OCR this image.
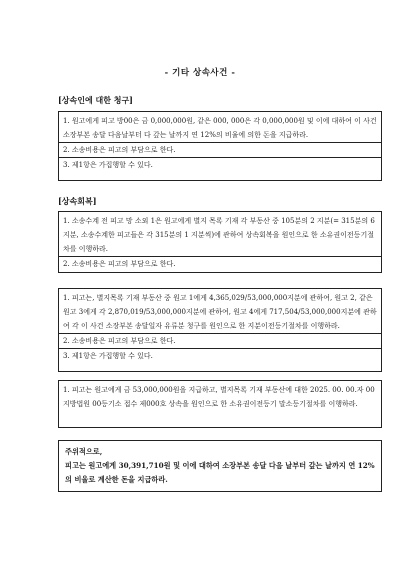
- 기타 상속사건 -
[상속인에 대한 청구]
1. 원고에게 피고 방00은 금 0,000,000원, 같은 000, 000은 각 0,000,000원 및 이에 대하여 이 사건 소장부본 송달 다음날부터 다 갚는 날까지 연 12%의 비율에 의한 돈을 지급하라.
2. 소송비용은 피고의 부담으로 한다.
3. 제1항은 가집행할 수 있다.
[상속회복]
1. 소송수계 전 피고 망 소외 1은 원고에게 별지 목록 기재 각 부동산 중 105분의 2 지분(= 315분의 6 지분, 소송수계한 피고들은 각 315분의 1 지분씩)에 관하여 상속회복을 원인으로 한 소유권이전등기절차를 이행하라.
2. 소송비용은 피고의 부담으로 한다.
1. 피고는, 별지목록 기재 부동산 중 원고 1에게 4,365,029/53,000,000지분에 관하여, 원고 2, 같은 원고 3에게 각 2,870,019/53,000,000지분에 관하여, 원고 4에게 717,504/53,000,000지분에 관하여 각 이 사건 소장부본 송달일자 유류분 청구를 원인으로 한 지분이전등기절차를 이행하라.
2. 소송비용은 피고의 부담으로 한다.
3. 제1항은 가집행할 수 있다.
1. 피고는 원고에게 금 53,000,000원을 지급하고, 별지목록 기재 부동산에 대한 2025. 00. 00.자 00지방법원 00등기소 접수 제000호 상속을 원인으로 한 소유권이전등기 말소등기절차를 이행하라.
주위적으로,
피고는 원고에게 30,391,710원 및 이에 대하여 소장부본 송달 다음 날부터 갚는 날까지 연 12%의 비율로 계산한 돈을 지급하라.
